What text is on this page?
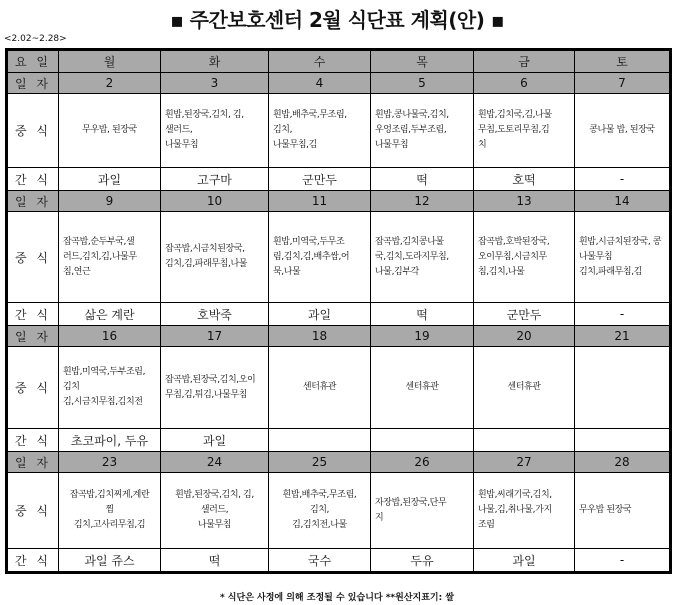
▪ 주간보호센터 2월 식단표 계획(안) ▪
<2.02~2.28>
요 일	월	화	수	목	금	토
일 자	2	3	4	5	6	7
중 식	무우밥, 된장국	흰밥,된장국,김치, 김,
샐러드,
나물무침	흰밥,배추국,무조림,
김치,
나물무침,김	흰밥,콩나물국,김치,
우엉조림,두부조림,
나물무침	흰밥,김치국,김,나물
무침,도토리무침,김
치	콩나물 밥, 된장국
간 식	과일	고구마	군만두	떡	호떡	-
일 자	9	10	11	12	13	14
중 식	잡곡밥,순두부국,샐
러드,김치,김,나물무
침,연근	잡곡밥,시금치된장국,
김치,김,파래무침,나물	흰밥,미역국,두무조
림,김치,김,배추쌈,어
묵,나물	잡곡밥,김치콩나물
국,김치,도라지무침,
나물,김부각	잡곡밥,호박된장국,
오이무침,시금치무
침,김치,나물	흰밥,시금치된장국, 콩
나물무침
김치,파래무침,김
간 식	삶은 계란	호박죽	과일	떡	군만두	-
일 자	16	17	18	19	20	21
중 식	흰밥,미역국,두부조림,
김치
김,시금치무침,김치전	잡곡밥,된장국,김치,오이
무침,김,튀김,나물무침	센터휴관	센터휴관	센터휴관	
간 식	초코파이, 두유	과일				
일 자	23	24	25	26	27	28
중 식	잡곡밥,김치찌게,계란
찜
김치,고사리무침,김	흰밥,된장국,김치, 김,
샐러드,
나물무침	흰밥,배추국,무조림,
김치,
김,김치전,나물	자장밥,된장국,단무
지	흰밥,씨래기국,김치,
나물,김,취나물,가지
조림	무우밥 된장국
간 식	과일 쥬스	떡	국수	두유	과일	-
* 식단은 사정에 의해 조정될 수 있습니다 **원산지표기: 쌀
